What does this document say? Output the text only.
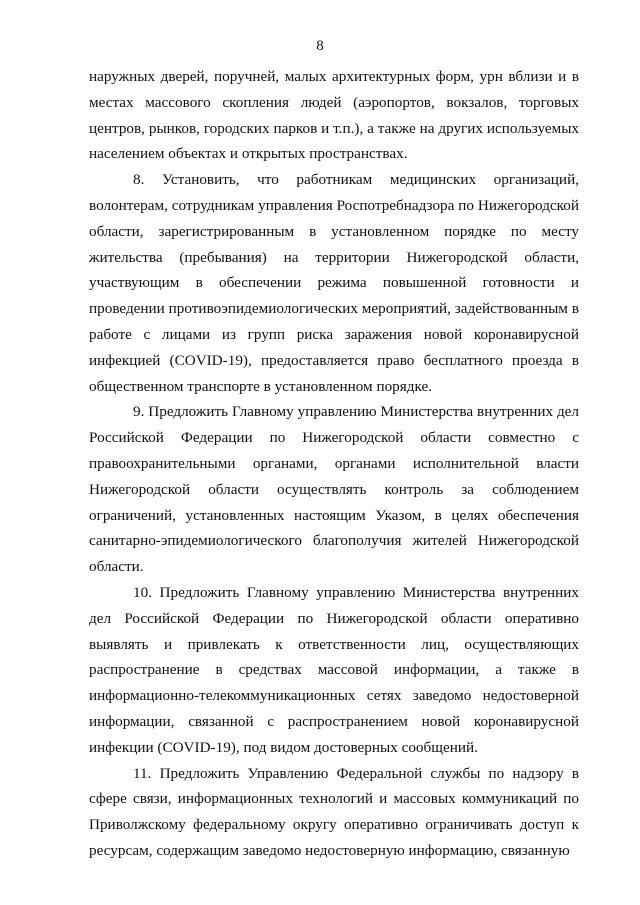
8

наружных дверей, поручней, малых архитектурных форм, урн вблизи и в местах массового скопления людей (аэропортов, вокзалов, торговых центров, рынков, городских парков и т.п.), а также на других используемых населением объектах и открытых пространствах.

8. Установить, что работникам медицинских организаций, волонтерам, сотрудникам управления Роспотребнадзора по Нижегородской области, зарегистрированным в установленном порядке по месту жительства (пребывания) на территории Нижегородской области, участвующим в обеспечении режима повышенной готовности и проведении противоэпидемиологических мероприятий, задействованным в работе с лицами из групп риска заражения новой коронавирусной инфекцией (COVID-19), предоставляется право бесплатного проезда в общественном транспорте в установленном порядке.

9. Предложить Главному управлению Министерства внутренних дел Российской Федерации по Нижегородской области совместно с правоохранительными органами, органами исполнительной власти Нижегородской области осуществлять контроль за соблюдением ограничений, установленных настоящим Указом, в целях обеспечения санитарно-эпидемиологического благополучия жителей Нижегородской области.

10. Предложить Главному управлению Министерства внутренних дел Российской Федерации по Нижегородской области оперативно выявлять и привлекать к ответственности лиц, осуществляющих распространение в средствах массовой информации, а также в информационно-телекоммуникационных сетях заведомо недостоверной информации, связанной с распространением новой коронавирусной инфекции (COVID-19), под видом достоверных сообщений.

11. Предложить Управлению Федеральной службы по надзору в сфере связи, информационных технологий и массовых коммуникаций по Приволжскому федеральному округу оперативно ограничивать доступ к ресурсам, содержащим заведомо недостоверную информацию, связанную
